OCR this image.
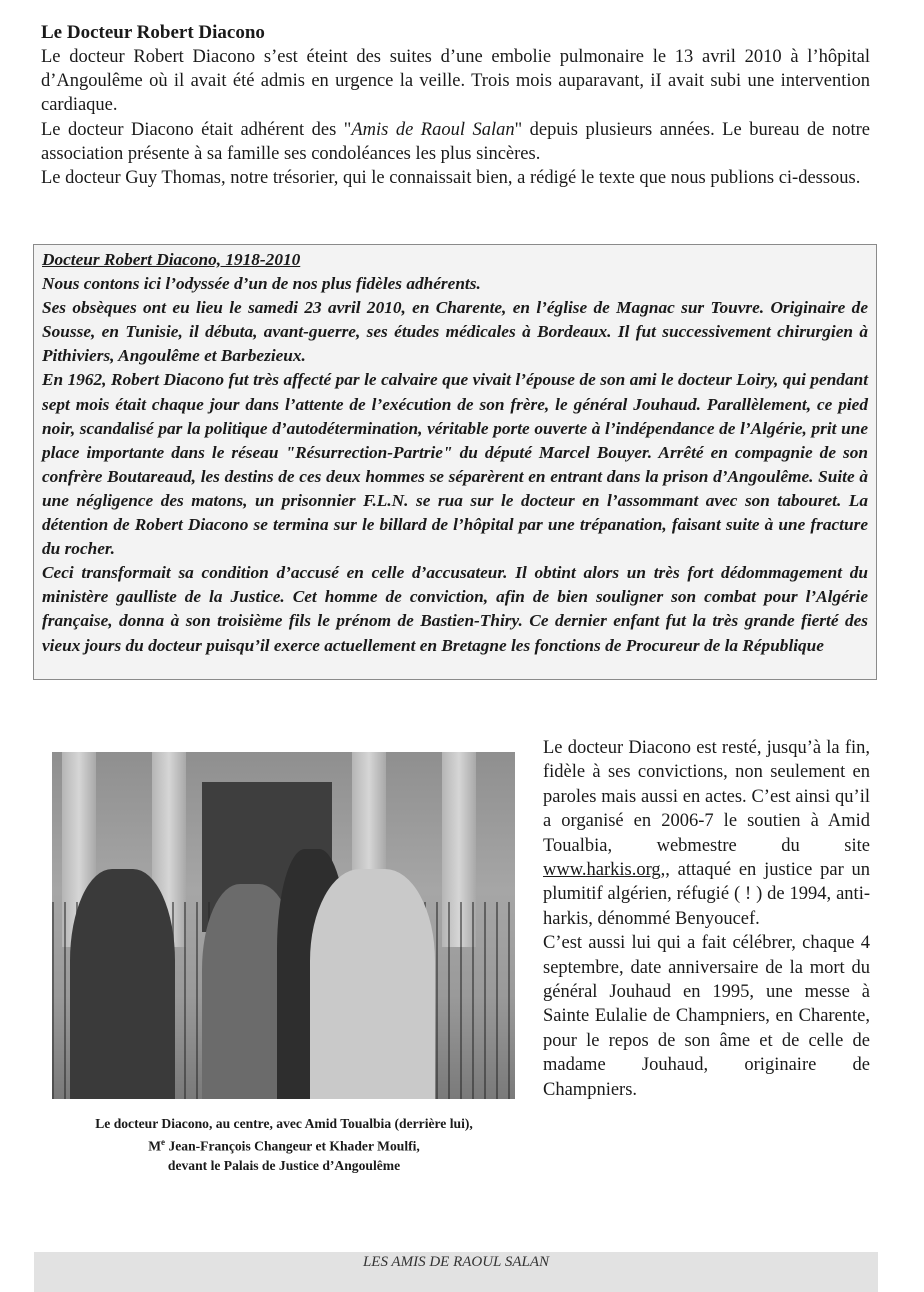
Le Docteur Robert Diacono

Le docteur Robert Diacono s’est éteint des suites d’une embolie pulmonaire le 13 avril 2010 à l’hôpital d’Angoulême où il avait été admis en urgence la veille. Trois mois auparavant, iI avait subi une intervention cardiaque.

Le docteur Diacono était adhérent des "Amis de Raoul Salan" depuis plusieurs années. Le bureau de notre association présente à sa famille ses condoléances les plus sincères.

Le docteur Guy Thomas, notre trésorier, qui le connaissait bien, a rédigé le texte que nous publions ci-dessous.

Docteur Robert Diacono, 1918-2010

Nous contons ici l’odyssée d’un de nos plus fidèles adhérents.

Ses obsèques ont eu lieu le samedi 23 avril 2010, en Charente, en l’église de Magnac sur Touvre. Originaire de Sousse, en Tunisie, il débuta, avant-guerre, ses études médicales à Bordeaux. Il fut successivement chirurgien à Pithiviers, Angoulême et Barbezieux.

En 1962, Robert Diacono fut très affecté par le calvaire que vivait l’épouse de son ami le docteur Loiry, qui pendant sept mois était chaque jour dans l’attente de l’exécution de son frère, le général Jouhaud. Parallèlement, ce pied noir, scandalisé par la politique d’autodétermination, véritable porte ouverte à l’indépendance de l’Algérie, prit une place importante dans le réseau "Résurrection-Partrie" du député Marcel Bouyer. Arrêté en compagnie de son confrère Boutareaud, les destins de ces deux hommes se séparèrent en entrant dans la prison d’Angoulême. Suite à une négligence des matons, un prisonnier F.L.N. se rua sur le docteur en l’assommant avec son tabouret. La détention de Robert Diacono se termina sur le billard de l’hôpital par une trépanation, faisant suite à une fracture du rocher.

Ceci transformait sa condition d’accusé en celle d’accusateur. Il obtint alors un très fort dédommagement du ministère gaulliste de la Justice. Cet homme de conviction, afin de bien souligner son combat pour l’Algérie française, donna à son troisième fils le prénom de Bastien-Thiry. Ce dernier enfant fut la très grande fierté des vieux jours du docteur puisqu’il exerce actuellement en Bretagne les fonctions de Procureur de la République

Le docteur Diacono, au centre, avec Amid Toualbia (derrière lui),
Me Jean-François Changeur et Khader Moulfi,
devant le Palais de Justice d’Angoulême

Le docteur Diacono est resté, jusqu’à la fin, fidèle à ses convictions, non seulement en paroles mais aussi en actes. C’est ainsi qu’il a organisé en 2006-7 le soutien à Amid Toualbia, webmestre du site www.harkis.org,, attaqué en justice par un plumitif algérien, réfugié ( ! ) de 1994, anti-harkis, dénommé Benyoucef.

C’est aussi lui qui a fait célébrer, chaque 4 septembre, date anniversaire de la mort du général Jouhaud en 1995, une messe à Sainte Eulalie de Champniers, en Charente, pour le repos de son âme et de celle de madame Jouhaud, originaire de Champniers.

LES AMIS DE RAOUL SALAN
